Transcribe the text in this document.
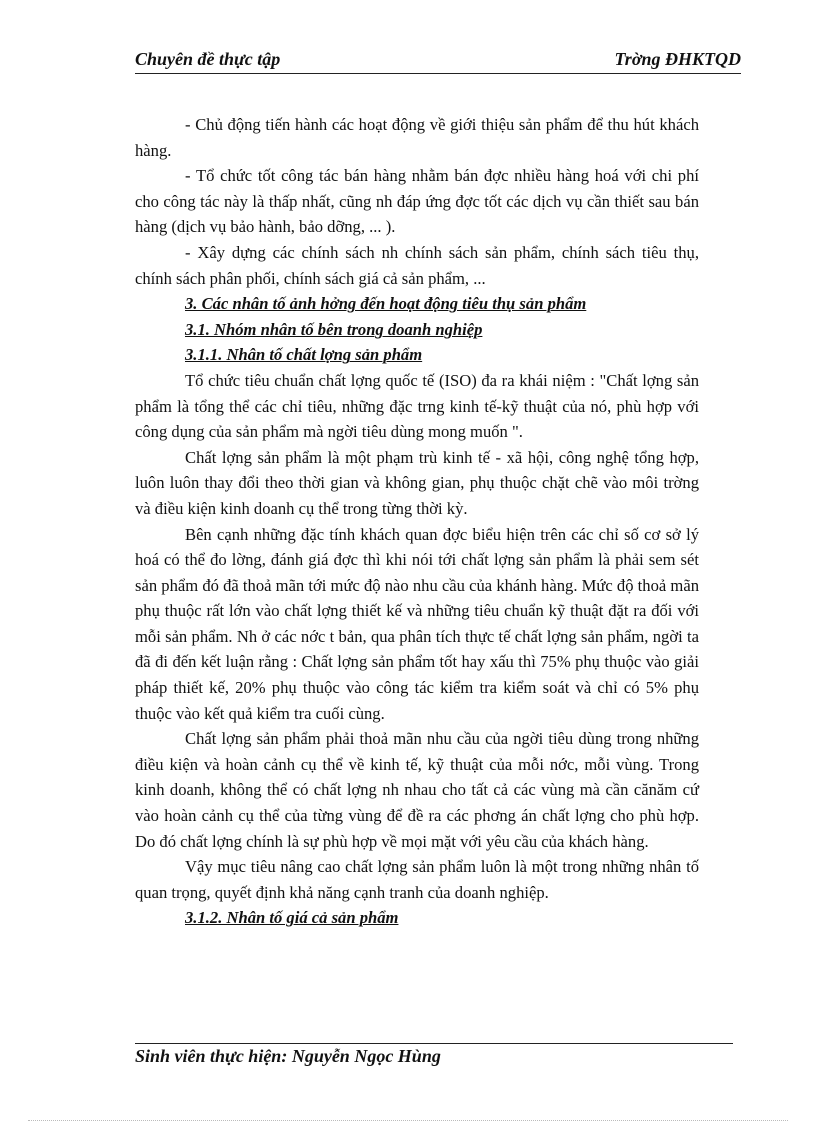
Chuyên đề thực tập	Trờng ĐHKTQD

- Chủ động tiến hành các hoạt động về giới thiệu sản phẩm để thu hút khách hàng.

- Tổ chức tốt công tác bán hàng nhằm bán đợc nhiều hàng hoá với chi phí cho công tác này là thấp nhất, cũng nh đáp ứng đợc tốt các dịch vụ cần thiết sau bán hàng (dịch vụ bảo hành, bảo dỡng, ... ).

- Xây dựng các chính sách nh chính sách sản phẩm, chính sách tiêu thụ, chính sách phân phối, chính sách giá cả sản phẩm, ...

3. Các nhân tố ảnh hởng đến hoạt động tiêu thụ sản phẩm

3.1. Nhóm nhân tố bên trong doanh nghiệp

3.1.1. Nhân tố chất lợng sản phẩm

Tổ chức tiêu chuẩn chất lợng quốc tế (ISO) đa ra khái niệm : "Chất lợng sản phẩm là tổng thể các chỉ tiêu, những đặc trng kinh tế-kỹ thuật của nó, phù hợp với công dụng của sản phẩm mà ngời tiêu dùng mong muốn ".

Chất lợng sản phẩm là một phạm trù kinh tế - xã hội, công nghệ tổng hợp, luôn luôn thay đổi theo thời gian và không gian, phụ thuộc chặt chẽ vào môi trờng và điều kiện kinh doanh cụ thể trong từng thời kỳ.

Bên cạnh những đặc tính khách quan đợc biểu hiện trên các chỉ số cơ sở lý hoá có thể đo lờng, đánh giá đợc thì khi nói tới chất lợng sản phẩm là phải sem sét sản phẩm đó đã thoả mãn tới mức độ nào nhu cầu của khánh hàng. Mức độ thoả mãn phụ thuộc rất lớn vào chất lợng thiết kế và những tiêu chuẩn kỹ thuật đặt ra đối với mỗi sản phẩm. Nh ở các nớc t bản, qua phân tích thực tế chất lợng sản phẩm, ngời ta đã đi đến kết luận rằng : Chất lợng sản phẩm tốt hay xấu thì 75% phụ thuộc vào giải pháp thiết kế, 20% phụ thuộc vào công tác kiểm tra kiểm soát và chỉ có 5% phụ thuộc vào kết quả kiểm tra cuối cùng.

Chất lợng sản phẩm phải thoả mãn nhu cầu của ngời tiêu dùng trong những điều kiện và hoàn cảnh cụ thể về kinh tế, kỹ thuật của mỗi nớc, mỗi vùng. Trong kinh doanh, không thể có chất lợng nh nhau cho tất cả các vùng mà cần cănăm cứ vào hoàn cảnh cụ thể của từng vùng để đề ra các phơng án chất lợng cho phù hợp. Do đó chất lợng chính là sự phù hợp về mọi mặt với yêu cầu của khách hàng.

Vậy mục tiêu nâng cao chất lợng sản phẩm luôn là một trong những nhân tố quan trọng, quyết định khả năng cạnh tranh của doanh nghiệp.

3.1.2. Nhân tố giá cả sản phẩm

Sinh viên thực hiện: Nguyễn Ngọc Hùng
